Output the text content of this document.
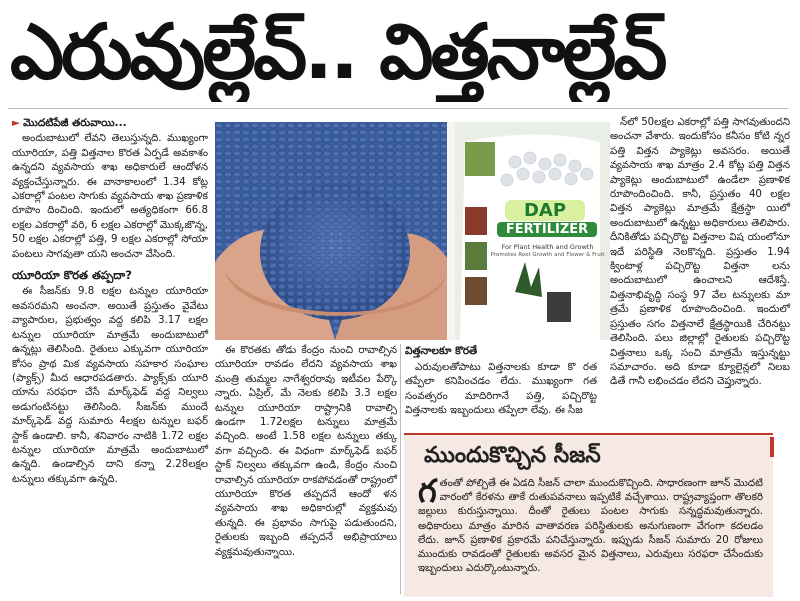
ఎరువుల్లేవ్.. విత్తనాల్లేవ్
► మొదటిపేజీ తరువాయి...

అందుబాటులో లేవని తెలుస్తున్నది. ముఖ్యంగా యూరియా, పత్తి విత్తనాల కొరత ఏర్పడే అవకాశం ఉన్నదని వ్యవసాయ శాఖ అధికారులే ఆందోళన వ్యక్తంచేస్తున్నారు. ఈ వానాకాలంలో 1.34 కోట్ల ఎకరాల్లో పంటల సాగుకు వ్యవసాయ శాఖ ప్రణాళిక రూపొం దించింది. ఇందులో అత్యధికంగా 66.8 లక్షల ఎకరాల్లో వరి, 6 లక్షల ఎకరాల్లో మొక్కజొన్న, 50 లక్షల ఎకరాల్లో పత్తి, 9 లక్షల ఎకరాల్లో సోయా పంటలు సాగవుతా యని అంచనా వేసింది.

యూరియా కొరత తప్పదా?

ఈ సీజన్‌కు 9.8 లక్షల టన్నుల యూరియా అవసరమని అంచనా. అయితే ప్రస్తుతం వైవేటు వ్యాపారుల, ప్రభుత్వం వద్ద కలిపి 3.17 లక్షల టన్నుల యూరియా మాత్రమే అందుబాటులో ఉన్నట్లు తెలిసింది. రైతులు ఎక్కువగా యూరియా కోసం ప్రాథ మిక వ్యవసాయ సహకార సంఘాల (ప్యాక్స్‌) మీద ఆధారపడతారు. ప్యాక్స్‌కు యూరి యాను సరఫరా చేసే మార్క్‌ఫెడ్ వద్ద నిల్వలు అడుగంటినట్టు తెలిసింది. సీజన్‌కు ముందే మార్క్‌ఫెడ్ వద్ద సుమారు 4లక్షల టన్నుల బఫర్ స్టాక్ ఉండాలి. కానీ, శనివారం నాటికి 1.72 లక్షల టన్నుల యూరియా మాత్రమే అందుబాటులో ఉన్నది. ఉండాల్సిన దాని కన్నా 2.28లక్షల టన్నులు తక్కువగా ఉన్నది.

DAP
FERTILIZER
For Plant Health and Growth
Promotes Root Growth and Flower & Fruit

ఈ కొరతకు తోడు కేంద్రం నుంచి రావాల్సిన యూరియా రావడం లేదని వ్యవసాయ శాఖ మంత్రి తుమ్మల నాగేశ్వరరావు ఇటీవల పేర్కొ న్నారు. ఏప్రిల్, మే నెలకు కలిపి 3.3 లక్షల టన్నుల యూరియా రాష్ట్రానికి రావాల్సి ఉండగా 1.72లక్షల టన్నులు మాత్రమే వచ్చింది. అంటే 1.58 లక్షల టన్నులు తక్కు వగా వచ్చింది. ఈ విధంగా మార్క్‌ఫెడ్ బఫర్ స్టాక్ నిల్వలు తక్కువగా ఉండి, కేంద్రం నుంచి రావాల్సిన యూరియా రాకపోవడంతో రాష్ట్రంలో యూరియా కొరత తప్పదనే ఆందో ళన వ్యవసాయ శాఖ అధికారుల్లో వ్యక్తమవు తున్నది. ఈ ప్రభావం సాగుపై పడుతుందని, రైతులకు ఇబ్బంది తప్పదనే అభిప్రాయాలు వ్యక్తమవుతున్నాయి.

విత్తనాలకూ కొరతే

ఎరువులతోపాటు విత్తనాలకు కూడా కొ రత తప్పేలా కనిపించడం లేదు. ముఖ్యంగా గత సంవత్సరం మాదిరిగానే పత్తి, పచ్చిరొట్ట విత్తనాలకు ఇబ్బందులు తప్పేలా లేవు. ఈ సీజ

న్‌లో 50లక్షల ఎకరాల్లో పత్తి సాగవుతుందని అంచనా వేశారు. ఇందుకోసం కనీసం కోటి న్నర పత్తి విత్తన ప్యాకెట్లు అవసరం. అయితే వ్యవసాయ శాఖ మాత్రం 2.4 కోట్ల పత్తి విత్తన ప్యాకెట్లు అందుబాటులో ఉండేలా ప్రణాళిక రూపొందించింది. కానీ, ప్రస్తుతం 40 లక్షల విత్తన ప్యాకెట్లు మాత్రమే క్షేత్రస్థా యిలో అందుబాటులో ఉన్నట్టు అధికారులు తెలిపారు. దీనికితోడు పచ్చిరొట్ట విత్తనాల విష యంలోనూ ఇదే పరిస్థితి నెలకొన్నది. ప్రస్తుతం 1.94 క్వింటాళ్ల పచ్చిరొట్ట విత్తనా లను అందుబాటులో ఉంచాలని ఆదేశిస్తే. విత్తనాభివృద్ధి సంస్థ 97 వేల టన్నులకు మా త్రమే ప్రణాళిక రూపొందించింది. ఇందులో ప్రస్తుతం సగం విత్తనాలే క్షేత్రస్థాయికి చేరినట్టు తెలిసింది. పలు జిల్లాల్లో రైతులకు పచ్చిరొట్ట విత్తనాలు ఒక్క సంచి మాత్రమే ఇస్తున్నట్టు సమాచారం. అది కూడా క్యూలైన్లలో నిలబ డితే గానీ లభించడం లేదని చెప్తున్నారు.

ముందుకొచ్చిన సీజన్
గతంతో పోల్చితే ఈ ఏడది సీజన్ చాలా ముందుకొచ్చింది. సాధారణంగా జూన్ మొదటి వారంలో కేరళను తాకే రుతుపవనాలు ఇప్పటికే వచ్చేశాయి. రాష్ట్రవ్యాప్తంగా తొలకరి జల్లులు కురుస్తున్నాయి. దీంతో రైతులు పంటల సాగుకు సన్నద్ధమవుతున్నారు. అధికారులు మాత్రం మారిన వాతావరణ పరిస్థితులకు అనుగుణంగా వేగంగా కదలడం లేదు. జూన్ ప్రణాళిక ప్రకారమే పనిచేస్తున్నారు. ఇప్పుడు సీజన్ సుమారు 20 రోజులు ముందుకు రావడంతో రైతులకు అవసర మైన విత్తనాలు, ఎరువులు సరఫరా చేసేందుకు ఇబ్బందులు ఎదుర్కొంటున్నారు.
